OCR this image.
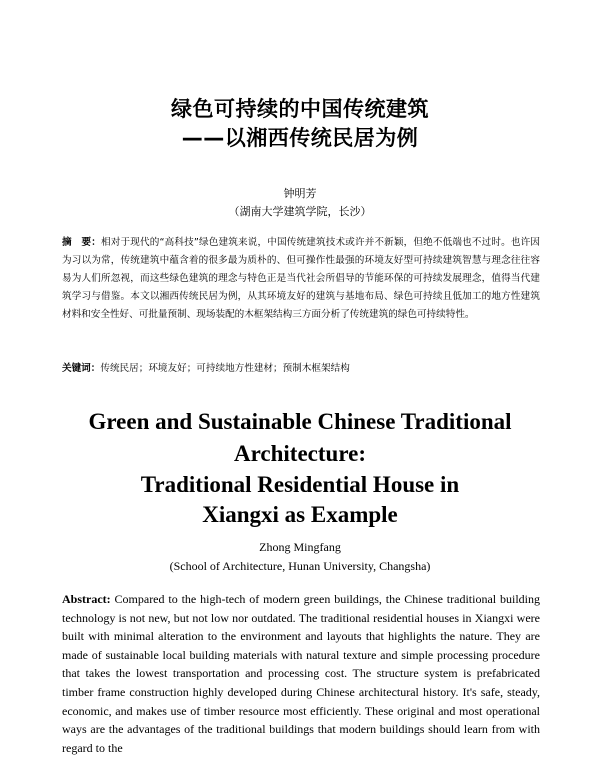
绿色可持续的中国传统建筑
——以湘西传统民居为例
钟明芳
（湖南大学建筑学院，长沙）
摘　要：相对于现代的“高科技”绿色建筑来说，中国传统建筑技术或许并不新颖，但绝不低端也不过时。也许因为习以为常，传统建筑中蕴含着的很多最为质朴的、但可操作性最强的环境友好型可持续建筑智慧与理念往往容易为人们所忽视，而这些绿色建筑的理念与特色正是当代社会所倡导的节能环保的可持续发展理念，值得当代建筑学习与借鉴。本文以湘西传统民居为例，从其环境友好的建筑与基地布局、绿色可持续且低加工的地方性建筑材料和安全性好、可批量预制、现场装配的木框架结构三方面分析了传统建筑的绿色可持续特性。
关键词：传统民居；环境友好；可持续地方性建材；预制木框架结构
Green and Sustainable Chinese Traditional
Architecture:
Traditional Residential House in
Xiangxi as Example
Zhong Mingfang
(School of Architecture, Hunan University, Changsha)
Abstract: Compared to the high-tech of modern green buildings, the Chinese traditional building technology is not new, but not low nor outdated. The traditional residential houses in Xiangxi were built with minimal alteration to the environment and layouts that highlights the nature. They are made of sustainable local building materials with natural texture and simple processing procedure that takes the lowest transportation and processing cost. The structure system is prefabricated timber frame construction highly developed during Chinese architectural history. It's safe, steady, economic, and makes use of timber resource most efficiently. These original and most operational ways are the advantages of the traditional buildings that modern buildings should learn from with regard to the
